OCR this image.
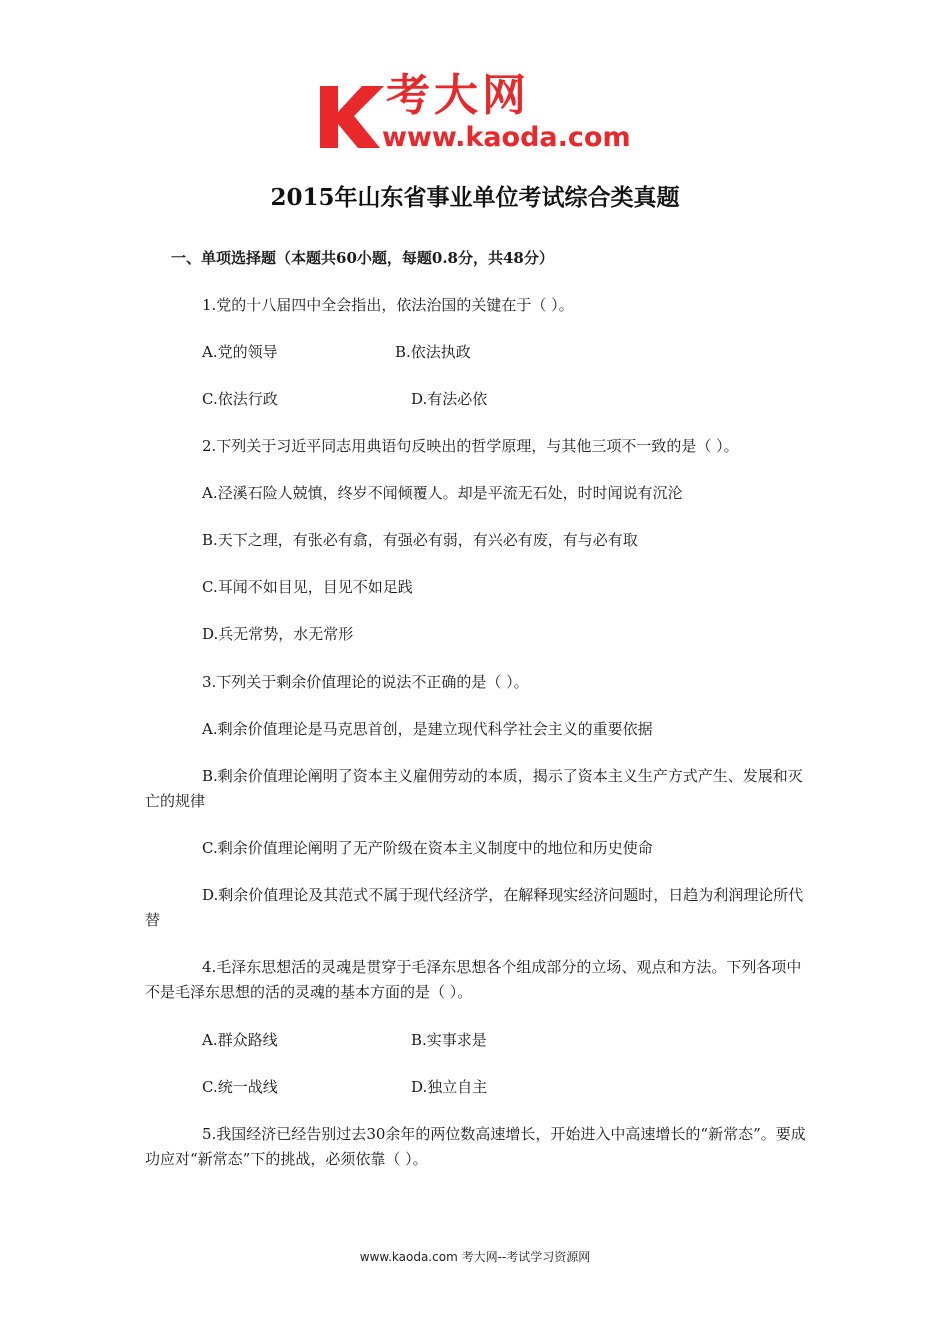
考大网
www.kaoda.com
2015年山东省事业单位考试综合类真题
一、单项选择题（本题共60小题，每题0.8分，共48分）
1.党的十八届四中全会指出，依法治国的关键在于（ ）。
A.党的领导	B.依法执政
C.依法行政	D.有法必依
2.下列关于习近平同志用典语句反映出的哲学原理，与其他三项不一致的是（ ）。
A.泾溪石险人兢慎，终岁不闻倾覆人。却是平流无石处，时时闻说有沉沦
B.天下之理，有张必有翕，有强必有弱，有兴必有废，有与必有取
C.耳闻不如目见，目见不如足践
D.兵无常势，水无常形
3.下列关于剩余价值理论的说法不正确的是（ ）。
A.剩余价值理论是马克思首创，是建立现代科学社会主义的重要依据
B.剩余价值理论阐明了资本主义雇佣劳动的本质，揭示了资本主义生产方式产生、发展和灭亡的规律
C.剩余价值理论阐明了无产阶级在资本主义制度中的地位和历史使命
D.剩余价值理论及其范式不属于现代经济学，在解释现实经济问题时，日趋为利润理论所代替
4.毛泽东思想活的灵魂是贯穿于毛泽东思想各个组成部分的立场、观点和方法。下列各项中不是毛泽东思想的活的灵魂的基本方面的是（ ）。
A.群众路线	B.实事求是
C.统一战线	D.独立自主
5.我国经济已经告别过去30余年的两位数高速增长，开始进入中高速增长的“新常态”。要成功应对“新常态”下的挑战，必须依靠（ ）。
www.kaoda.com 考大网--考试学习资源网
